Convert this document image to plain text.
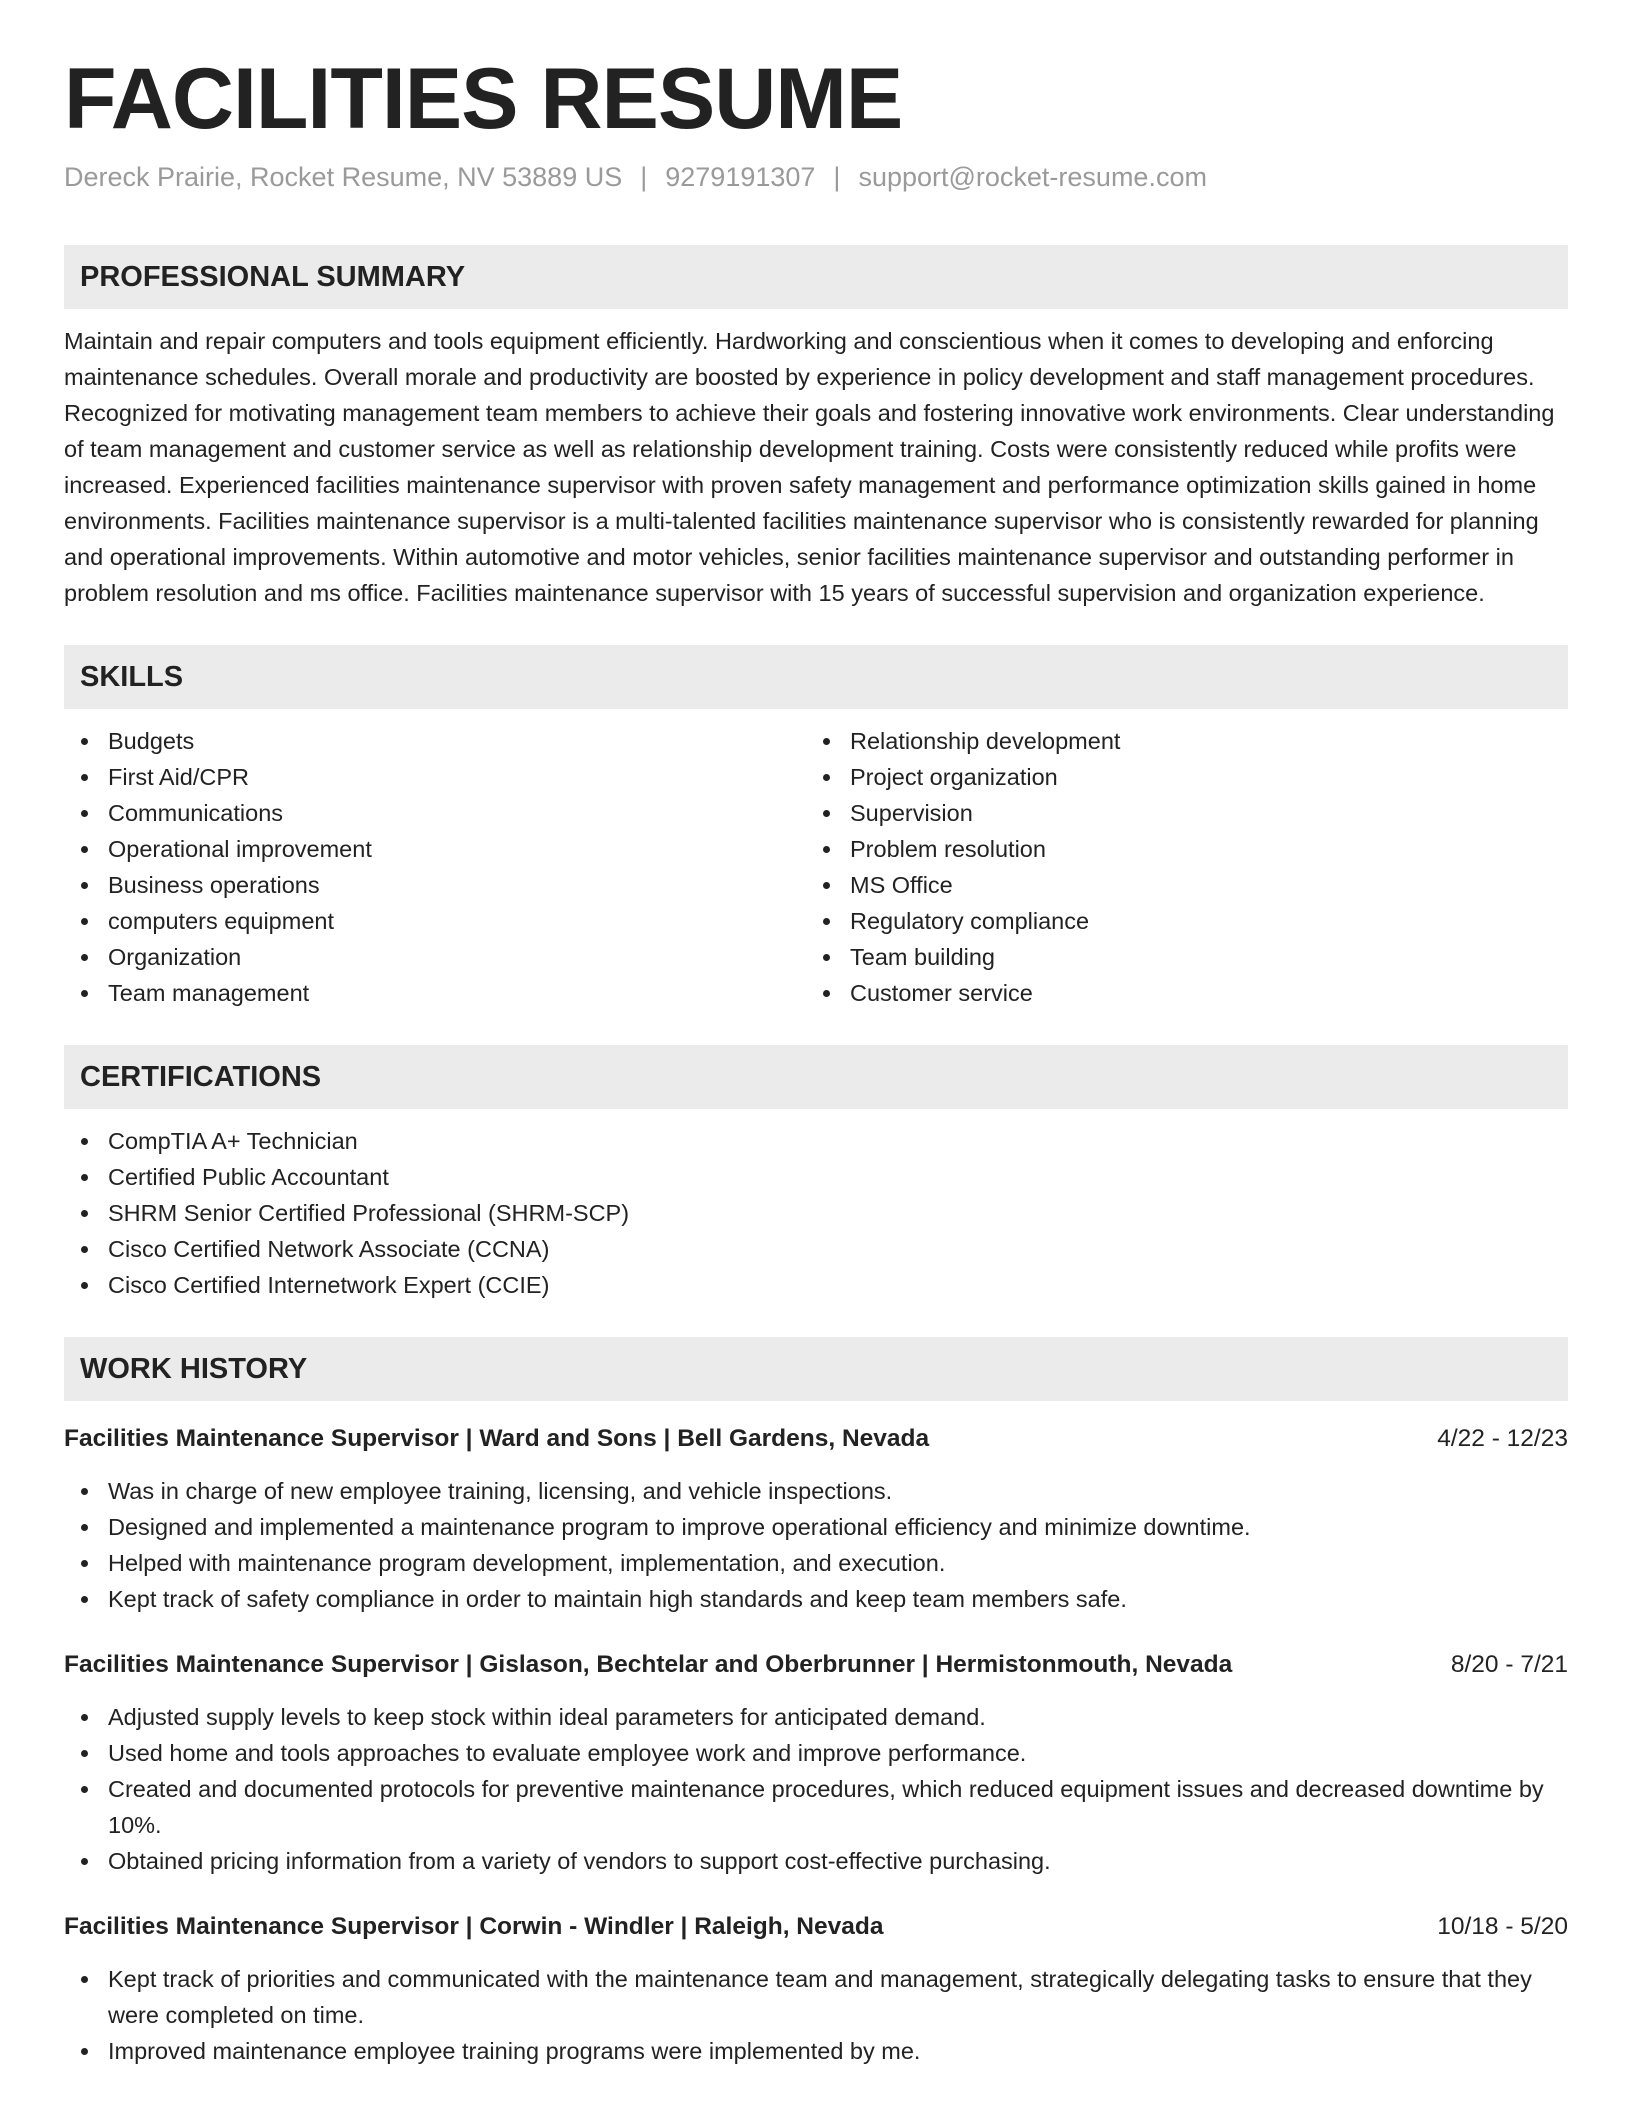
FACILITIES RESUME
Dereck Prairie, Rocket Resume, NV 53889 US | 9279191307 | support@rocket-resume.com
PROFESSIONAL SUMMARY

Maintain and repair computers and tools equipment efficiently. Hardworking and conscientious when it comes to developing and enforcing maintenance schedules. Overall morale and productivity are boosted by experience in policy development and staff management procedures. Recognized for motivating management team members to achieve their goals and fostering innovative work environments. Clear understanding of team management and customer service as well as relationship development training. Costs were consistently reduced while profits were increased. Experienced facilities maintenance supervisor with proven safety management and performance optimization skills gained in home environments. Facilities maintenance supervisor is a multi-talented facilities maintenance supervisor who is consistently rewarded for planning and operational improvements. Within automotive and motor vehicles, senior facilities maintenance supervisor and outstanding performer in problem resolution and ms office. Facilities maintenance supervisor with 15 years of successful supervision and organization experience.

SKILLS
Budgets
First Aid/CPR
Communications
Operational improvement
Business operations
computers equipment
Organization
Team management
Relationship development
Project organization
Supervision
Problem resolution
MS Office
Regulatory compliance
Team building
Customer service
CERTIFICATIONS
CompTIA A+ Technician
Certified Public Accountant
SHRM Senior Certified Professional (SHRM-SCP)
Cisco Certified Network Associate (CCNA)
Cisco Certified Internetwork Expert (CCIE)
WORK HISTORY
Facilities Maintenance Supervisor | Ward and Sons | Bell Gardens, Nevada	4/22 - 12/23
Was in charge of new employee training, licensing, and vehicle inspections.
Designed and implemented a maintenance program to improve operational efficiency and minimize downtime.
Helped with maintenance program development, implementation, and execution.
Kept track of safety compliance in order to maintain high standards and keep team members safe.
Facilities Maintenance Supervisor | Gislason, Bechtelar and Oberbrunner | Hermistonmouth, Nevada	8/20 - 7/21
Adjusted supply levels to keep stock within ideal parameters for anticipated demand.
Used home and tools approaches to evaluate employee work and improve performance.
Created and documented protocols for preventive maintenance procedures, which reduced equipment issues and decreased downtime by 10%.
Obtained pricing information from a variety of vendors to support cost-effective purchasing.
Facilities Maintenance Supervisor | Corwin - Windler | Raleigh, Nevada	10/18 - 5/20
Kept track of priorities and communicated with the maintenance team and management, strategically delegating tasks to ensure that they were completed on time.
Improved maintenance employee training programs were implemented by me.
